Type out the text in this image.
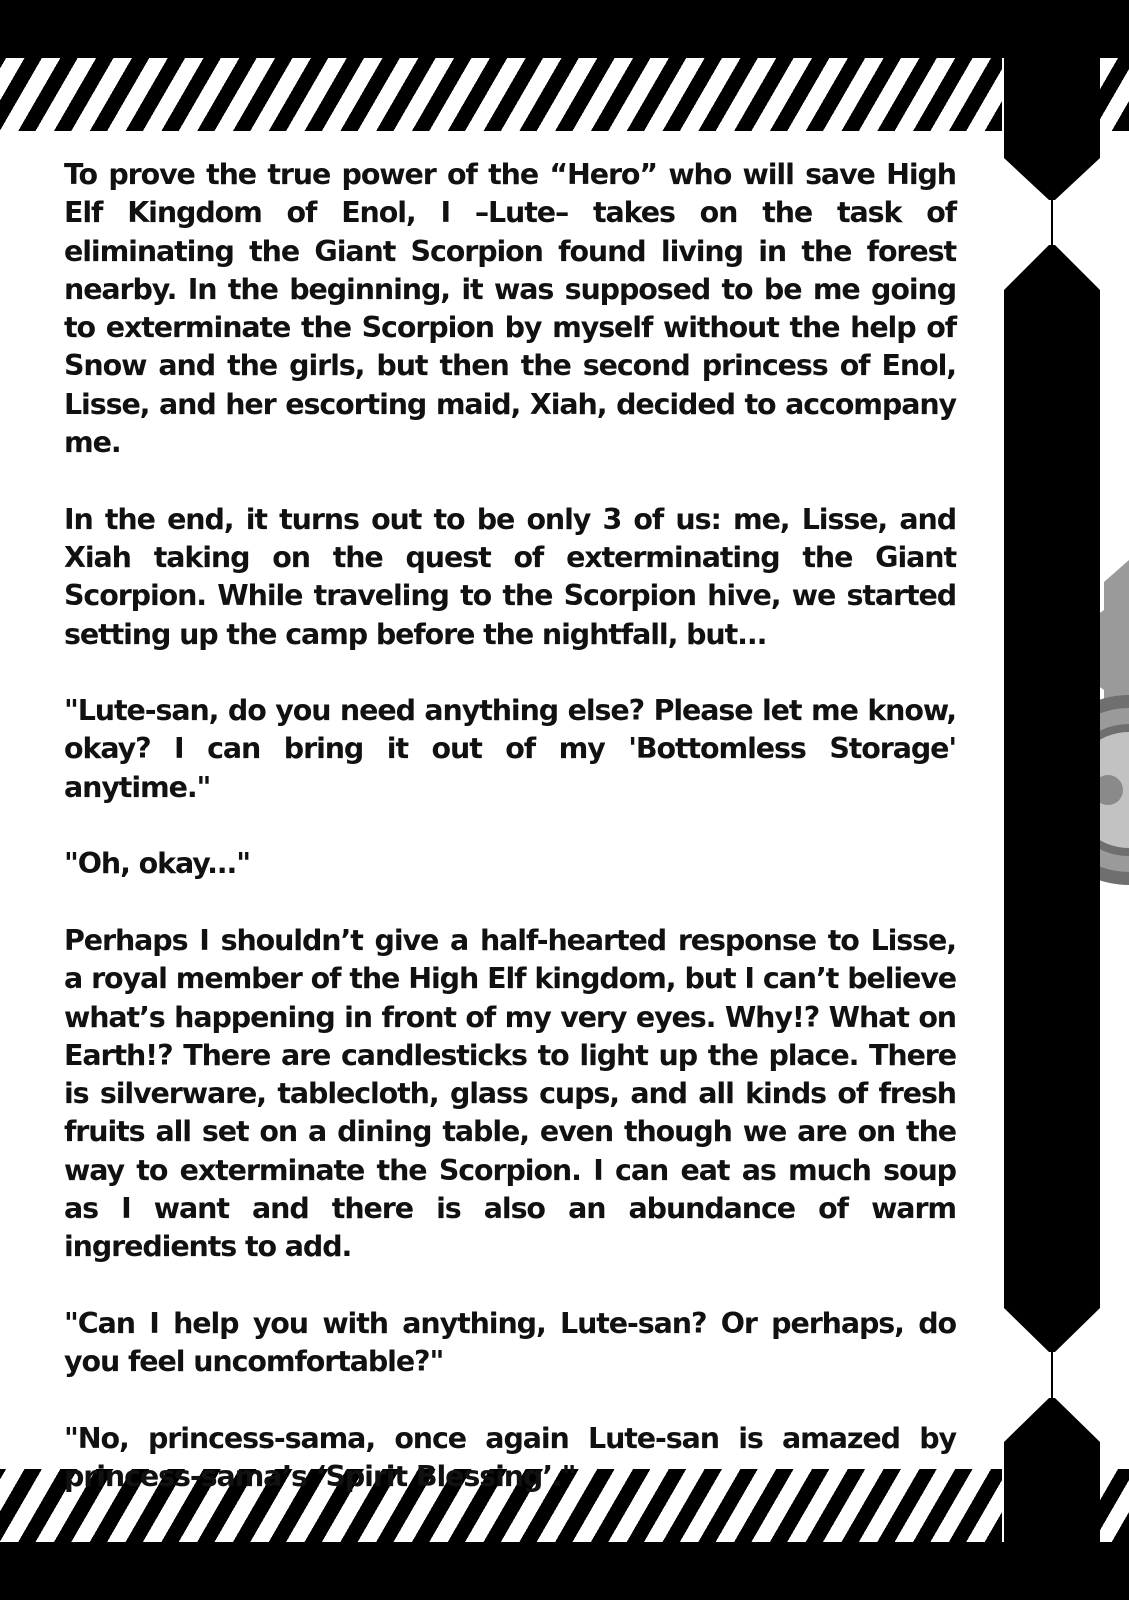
To prove the true power of the “Hero” who will save High Elf Kingdom of Enol, I –Lute– takes on the task of eliminating the Giant Scorpion found living in the forest nearby. In the beginning, it was supposed to be me going to exterminate the Scorpion by myself without the help of Snow and the girls, but then the second princess of Enol, Lisse, and her escorting maid, Xiah, decided to accompany me.

In the end, it turns out to be only 3 of us: me, Lisse, and Xiah taking on the quest of exterminating the Giant Scorpion. While traveling to the Scorpion hive, we started setting up the camp before the nightfall, but...

"Lute-san, do you need anything else? Please let me know, okay? I can bring it out of my 'Bottomless Storage' anytime."

"Oh, okay..."

Perhaps I shouldn’t give a half-hearted response to Lisse, a royal member of the High Elf kingdom, but I can’t believe what’s happening in front of my very eyes. Why!? What on Earth!? There are candlesticks to light up the place. There is silverware, tablecloth, glass cups, and all kinds of fresh fruits all set on a dining table, even though we are on the way to exterminate the Scorpion. I can eat as much soup as I want and there is also an abundance of warm ingredients to add.

"Can I help you with anything, Lute-san? Or perhaps, do you feel uncomfortable?"

"No, princess-sama, once again Lute-san is amazed by princess-sama’s ‘Spirit Blessing’."
